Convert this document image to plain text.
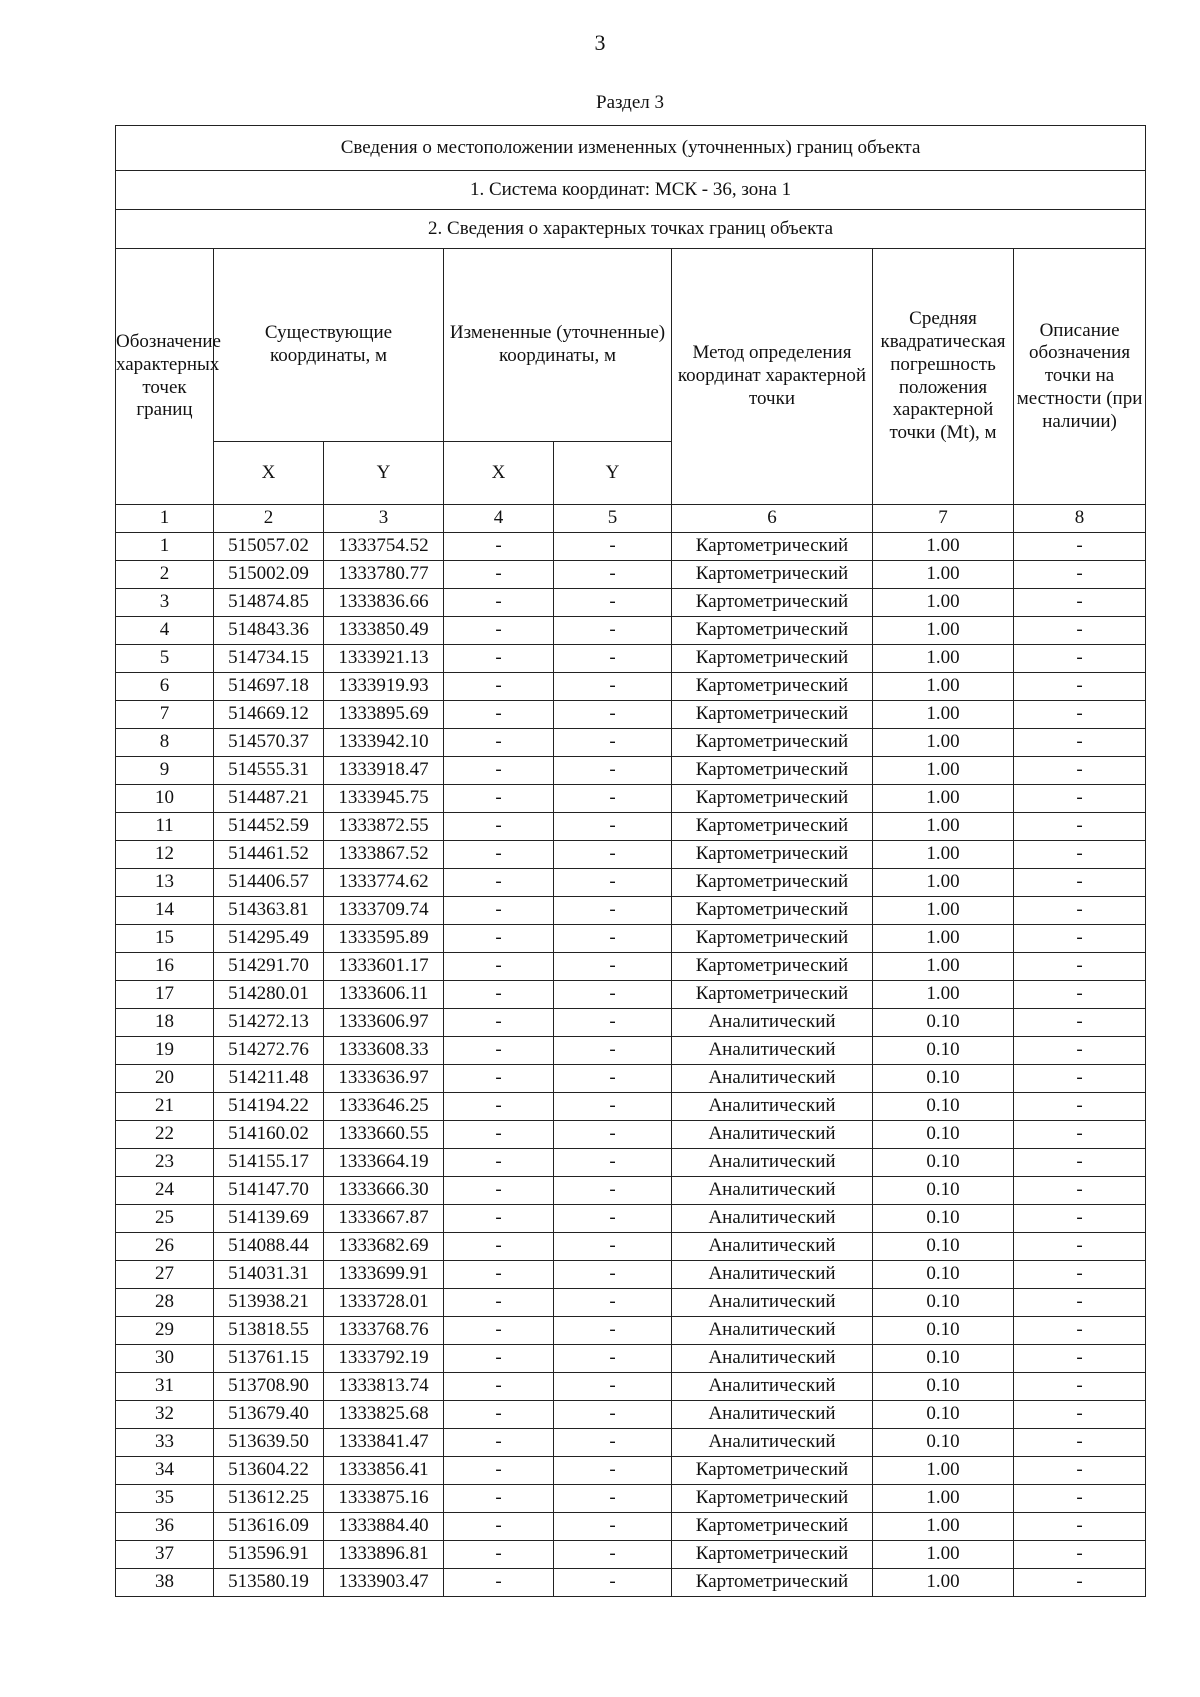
3
Раздел 3
Сведения о местоположении измененных (уточненных) границ объекта							
1. Система координат: МСК - 36, зона 1							
2. Сведения о характерных точках границ объекта							
Обозначение характерных точек границ	Существующие координаты, м		Измененные (уточненные) координаты, м		Метод определения координат характерной точки	Средняя квадратическая погрешность положения характерной точки (Mt), м	Описание обозначения точки на местности (при наличии)
	X	Y	X	Y			
1	2	3	4	5	6	7	8
1	515057.02	1333754.52	-	-	Картометрический	1.00	-
2	515002.09	1333780.77	-	-	Картометрический	1.00	-
3	514874.85	1333836.66	-	-	Картометрический	1.00	-
4	514843.36	1333850.49	-	-	Картометрический	1.00	-
5	514734.15	1333921.13	-	-	Картометрический	1.00	-
6	514697.18	1333919.93	-	-	Картометрический	1.00	-
7	514669.12	1333895.69	-	-	Картометрический	1.00	-
8	514570.37	1333942.10	-	-	Картометрический	1.00	-
9	514555.31	1333918.47	-	-	Картометрический	1.00	-
10	514487.21	1333945.75	-	-	Картометрический	1.00	-
11	514452.59	1333872.55	-	-	Картометрический	1.00	-
12	514461.52	1333867.52	-	-	Картометрический	1.00	-
13	514406.57	1333774.62	-	-	Картометрический	1.00	-
14	514363.81	1333709.74	-	-	Картометрический	1.00	-
15	514295.49	1333595.89	-	-	Картометрический	1.00	-
16	514291.70	1333601.17	-	-	Картометрический	1.00	-
17	514280.01	1333606.11	-	-	Картометрический	1.00	-
18	514272.13	1333606.97	-	-	Аналитический	0.10	-
19	514272.76	1333608.33	-	-	Аналитический	0.10	-
20	514211.48	1333636.97	-	-	Аналитический	0.10	-
21	514194.22	1333646.25	-	-	Аналитический	0.10	-
22	514160.02	1333660.55	-	-	Аналитический	0.10	-
23	514155.17	1333664.19	-	-	Аналитический	0.10	-
24	514147.70	1333666.30	-	-	Аналитический	0.10	-
25	514139.69	1333667.87	-	-	Аналитический	0.10	-
26	514088.44	1333682.69	-	-	Аналитический	0.10	-
27	514031.31	1333699.91	-	-	Аналитический	0.10	-
28	513938.21	1333728.01	-	-	Аналитический	0.10	-
29	513818.55	1333768.76	-	-	Аналитический	0.10	-
30	513761.15	1333792.19	-	-	Аналитический	0.10	-
31	513708.90	1333813.74	-	-	Аналитический	0.10	-
32	513679.40	1333825.68	-	-	Аналитический	0.10	-
33	513639.50	1333841.47	-	-	Аналитический	0.10	-
34	513604.22	1333856.41	-	-	Картометрический	1.00	-
35	513612.25	1333875.16	-	-	Картометрический	1.00	-
36	513616.09	1333884.40	-	-	Картометрический	1.00	-
37	513596.91	1333896.81	-	-	Картометрический	1.00	-
38	513580.19	1333903.47	-	-	Картометрический	1.00	-
